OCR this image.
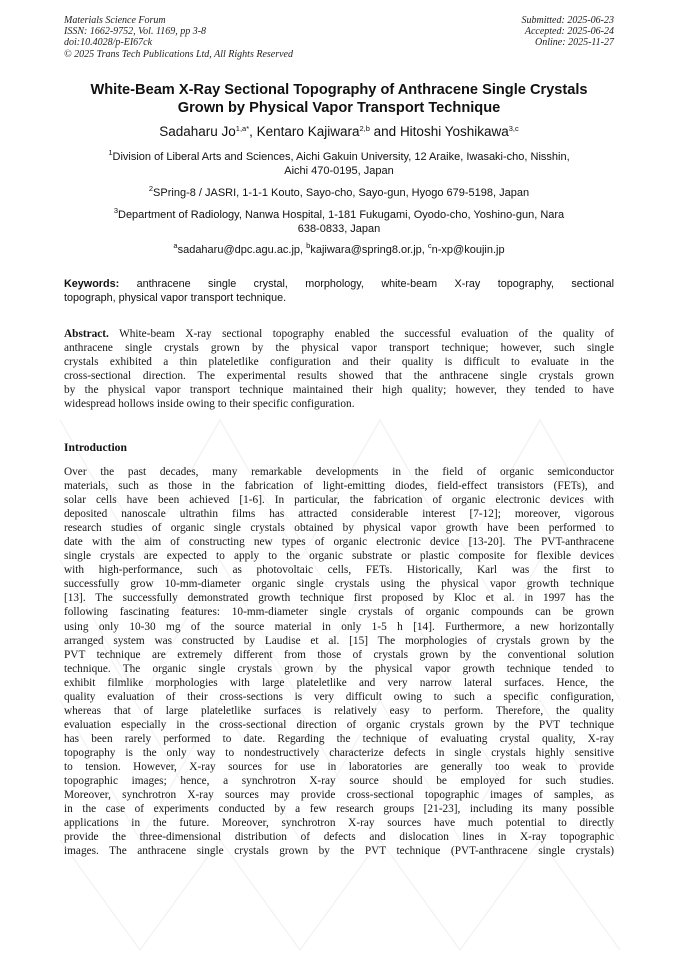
Materials Science Forum
ISSN: 1662-9752, Vol. 1169, pp 3-8
doi:10.4028/p-EI67ck
© 2025 Trans Tech Publications Ltd, All Rights Reserved
Submitted: 2025-06-23
Accepted: 2025-06-24
Online: 2025-11-27
White-Beam X-Ray Sectional Topography of Anthracene Single Crystals
Grown by Physical Vapor Transport Technique
Sadaharu $Jo^{1,a*}$, Kentaro Kajiwara$^{2,b}$ and Hitoshi Yoshikawa$^{3,c}$
$^1$Division of Liberal Arts and Sciences, Aichi Gakuin University, 12 Araike, Iwasaki-cho, Nisshin,
Aichi 470-0195, Japan
$^2$SPring-8 / JASRI, 1-1-1 Kouto, Sayo-cho, Sayo-gun, Hyogo 679-5198, Japan
$^3$Department of Radiology, Nanwa Hospital, 1-181 Fukugami, Oyodo-cho, Yoshino-gun, Nara
638-0833, Japan
$^a$sadaharu@dpc.agu.ac.jp, $^b$kajiwara@spring8.or.jp, $^c$n-xp@koujin.jp
Keywords: anthracene single crystal, morphology, white-beam X-ray topography, sectional
topograph, physical vapor transport technique.
Abstract. White-beam X-ray sectional topography enabled the successful evaluation of the quality of
anthracene single crystals grown by the physical vapor transport technique; however, such single
crystals exhibited a thin plateletlike configuration and their quality is difficult to evaluate in the
cross-sectional direction. The experimental results showed that the anthracene single crystals grown
by the physical vapor transport technique maintained their high quality; however, they tended to have
widespread hollows inside owing to their specific configuration.
Introduction
Over the past decades, many remarkable developments in the field of organic semiconductor
materials, such as those in the fabrication of light-emitting diodes, field-effect transistors (FETs), and
solar cells have been achieved [1-6]. In particular, the fabrication of organic electronic devices with
deposited nanoscale ultrathin films has attracted considerable interest [7-12]; moreover, vigorous
research studies of organic single crystals obtained by physical vapor growth have been performed to
date with the aim of constructing new types of organic electronic device [13-20]. The PVT-anthracene
single crystals are expected to apply to the organic substrate or plastic composite for flexible devices
with high-performance, such as photovoltaic cells, FETs. Historically, Karl was the first to
successfully grow 10-mm-diameter organic single crystals using the physical vapor growth technique
[13]. The successfully demonstrated growth technique first proposed by Kloc et al. in 1997 has the
following fascinating features: 10-mm-diameter single crystals of organic compounds can be grown
using only 10-30 mg of the source material in only 1-5 h [14]. Furthermore, a new horizontally
arranged system was constructed by Laudise et al. [15] The morphologies of crystals grown by the
PVT technique are extremely different from those of crystals grown by the conventional solution
technique. The organic single crystals grown by the physical vapor growth technique tended to
exhibit filmlike morphologies with large plateletlike and very narrow lateral surfaces. Hence, the
quality evaluation of their cross-sections is very difficult owing to such a specific configuration,
whereas that of large plateletlike surfaces is relatively easy to perform. Therefore, the quality
evaluation especially in the cross-sectional direction of organic crystals grown by the PVT technique
has been rarely performed to date. Regarding the technique of evaluating crystal quality, X-ray
topography is the only way to nondestructively characterize defects in single crystals highly sensitive
to tension. However, X-ray sources for use in laboratories are generally too weak to provide
topographic images; hence, a synchrotron X-ray source should be employed for such studies.
Moreover, synchrotron X-ray sources may provide cross-sectional topographic images of samples, as
in the case of experiments conducted by a few research groups [21-23], including its many possible
applications in the future. Moreover, synchrotron X-ray sources have much potential to directly
provide the three-dimensional distribution of defects and dislocation lines in X-ray topographic
images. The anthracene single crystals grown by the PVT technique (PVT-anthracene single crystals)
